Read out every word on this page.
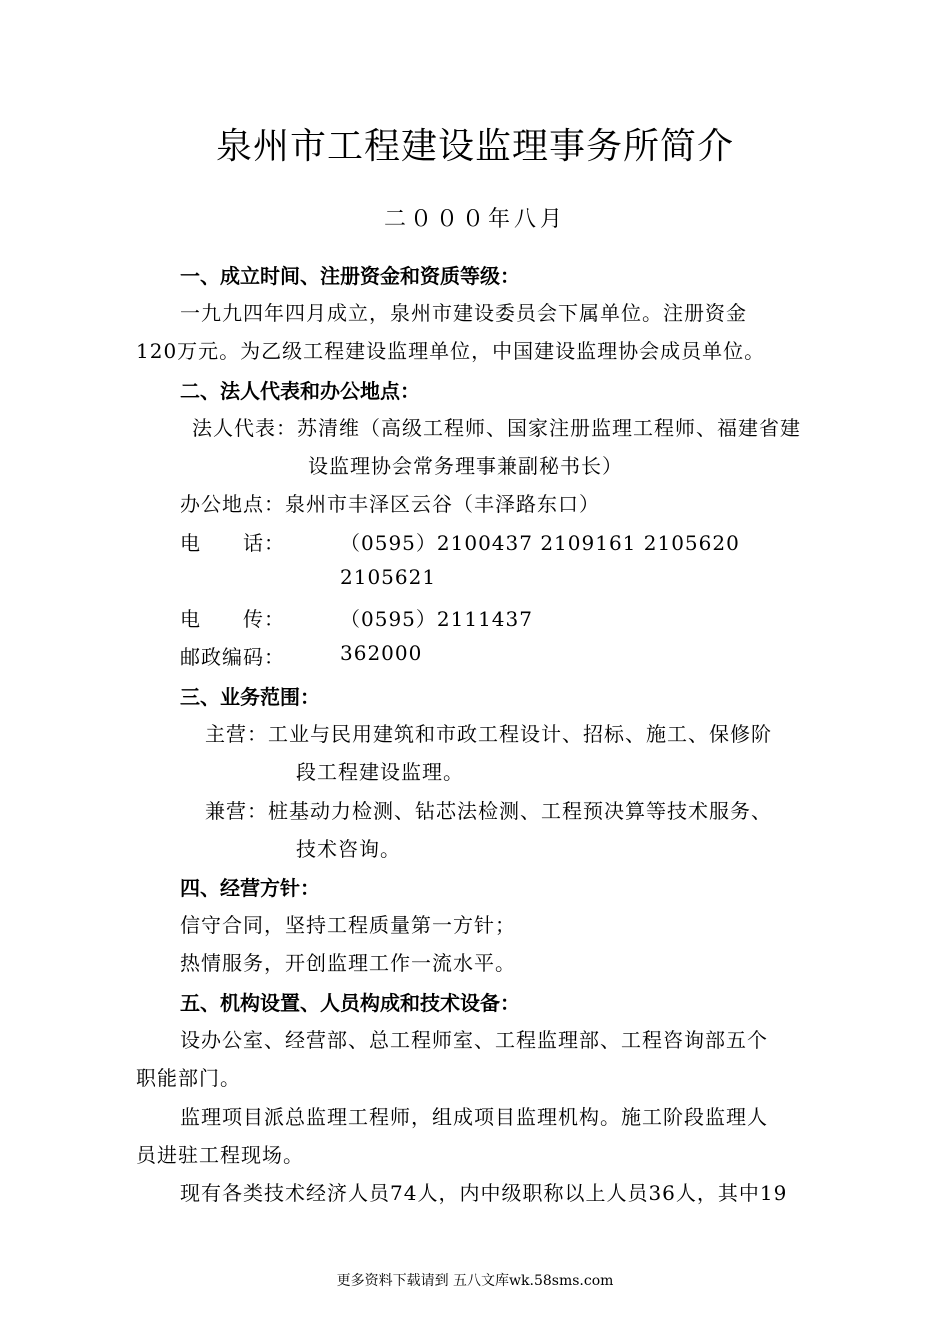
泉州市工程建设监理事务所简介
二０００年八月
一、成立时间、注册资金和资质等级：
一九九四年四月成立，泉州市建设委员会下属单位。注册资金
120万元。为乙级工程建设监理单位，中国建设监理协会成员单位。
二、法人代表和办公地点：
法人代表：苏清维（高级工程师、国家注册监理工程师、福建省建
设监理协会常务理事兼副秘书长）
办公地点：泉州市丰泽区云谷（丰泽路东口）
电　　话：	（0595）2100437 2109161 2105620
2105621
电　　传：	（0595）2111437
邮政编码：	362000
三、业务范围：
主营：工业与民用建筑和市政工程设计、招标、施工、保修阶
段工程建设监理。
兼营：桩基动力检测、钻芯法检测、工程预决算等技术服务、
技术咨询。
四、经营方针：
信守合同，坚持工程质量第一方针；
热情服务，开创监理工作一流水平。
五、机构设置、人员构成和技术设备：
设办公室、经营部、总工程师室、工程监理部、工程咨询部五个
职能部门。
监理项目派总监理工程师，组成项目监理机构。施工阶段监理人
员进驻工程现场。
现有各类技术经济人员74人，内中级职称以上人员36人，其中19
更多资料下载请到 五八文库wk.58sms.com
